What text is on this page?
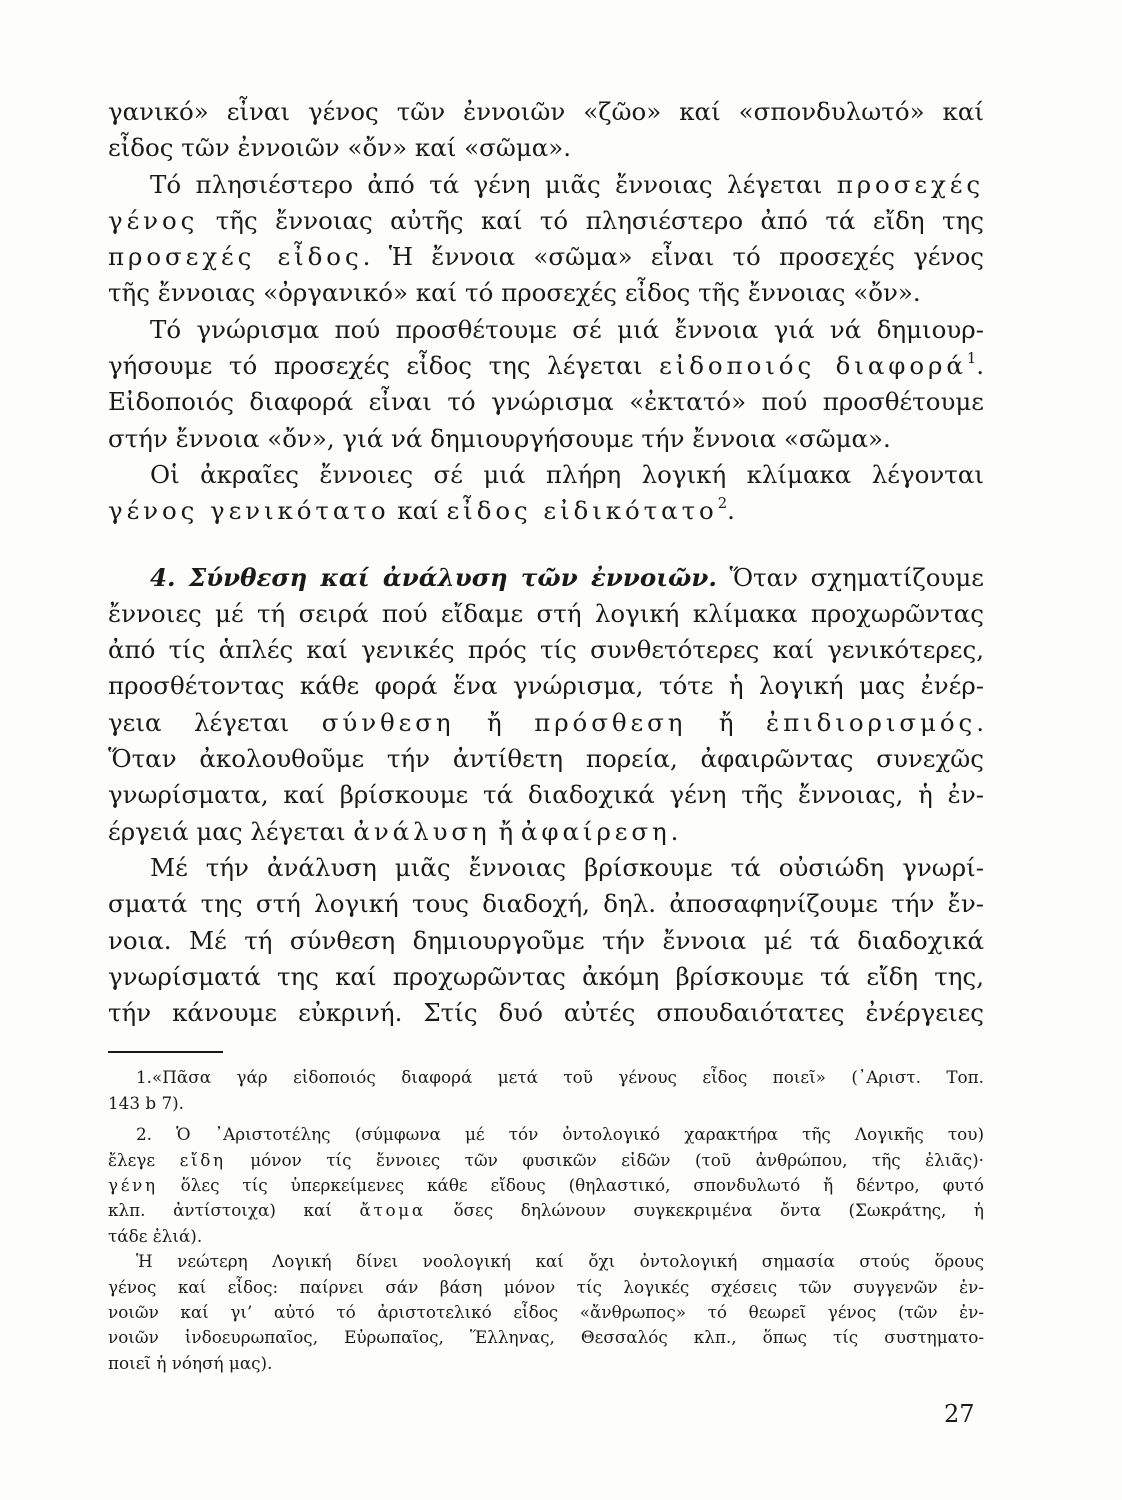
γανικό» εἶναι γένος τῶν ἐννοιῶν «ζῶο» καί «σπονδυλωτό» καί
εἶδος τῶν ἐννοιῶν «ὄν» καί «σῶμα».
Τό πλησιέστερο ἀπό τά γένη μιᾶς ἔννοιας λέγεται προσεχές
γένος τῆς ἔννοιας αὐτῆς καί τό πλησιέστερο ἀπό τά εἴδη της
προσεχές εἶδος. Ἡ ἔννοια «σῶμα» εἶναι τό προσεχές γένος
τῆς ἔννοιας «ὀργανικό» καί τό προσεχές εἶδος τῆς ἔννοιας «ὄν».
Τό γνώρισμα πού προσθέτουμε σέ μιά ἔννοια γιά νά δημιουρ-
γήσουμε τό προσεχές εἶδος της λέγεται εἰδοποιός διαφορά$^1$.
Εἰδοποιός διαφορά εἶναι τό γνώρισμα «ἐκτατό» πού προσθέτουμε
στήν ἔννοια «ὄν», γιά νά δημιουργήσουμε τήν ἔννοια «σῶμα».
Οἱ ἀκραῖες ἔννοιες σέ μιά πλήρη λογική κλίμακα λέγονται
γένος γενικότατο καί εἶδος εἰδικότατο$^2$.
4. Σύνθεση καί ἀνάλυση τῶν ἐννοιῶν. Ὅταν σχηματίζουμε
ἔννοιες μέ τή σειρά πού εἴδαμε στή λογική κλίμακα προχωρῶντας
ἀπό τίς ἁπλές καί γενικές πρός τίς συνθετότερες καί γενικότερες,
προσθέτοντας κάθε φορά ἕνα γνώρισμα, τότε ἡ λογική μας ἐνέρ-
γεια λέγεται σύνθεση ἤ πρόσθεση ἤ ἐπιδιορισμός.
Ὅταν ἀκολουθοῦμε τήν ἀντίθετη πορεία, ἀφαιρῶντας συνεχῶς
γνωρίσματα, καί βρίσκουμε τά διαδοχικά γένη τῆς ἔννοιας, ἡ ἐν-
έργειά μας λέγεται ἀνάλυση ἤ ἀφαίρεση.
Μέ τήν ἀνάλυση μιᾶς ἔννοιας βρίσκουμε τά οὐσιώδη γνωρί-
σματά της στή λογική τους διαδοχή, δηλ. ἀποσαφηνίζουμε τήν ἔν-
νοια. Μέ τή σύνθεση δημιουργοῦμε τήν ἔννοια μέ τά διαδοχικά
γνωρίσματά της καί προχωρῶντας ἀκόμη βρίσκουμε τά εἴδη της,
τήν κάνουμε εὐκρινή. Στίς δυό αὐτές σπουδαιότατες ἐνέργειες
1.«Πᾶσα γάρ εἰδοποιός διαφορά μετά τοῦ γένους εἶδος ποιεῖ» (᾿Αριστ. Τοπ.
143 b 7).
2. Ὁ ᾿Αριστοτέλης (σύμφωνα μέ τόν ὀντολογικό χαρακτήρα τῆς Λογικῆς του)
ἔλεγε εἴδη μόνον τίς ἔννοιες τῶν φυσικῶν εἰδῶν (τοῦ ἀνθρώπου, τῆς ἐλιᾶς)·
γένη ὅλες τίς ὑπερκείμενες κάθε εἴδους (θηλαστικό, σπονδυλωτό ἤ δέντρο, φυτό
κλπ. ἀντίστοιχα) καί ἄτομα ὅσες δηλώνουν συγκεκριμένα ὄντα (Σωκράτης, ἡ
τάδε ἐλιά).
Ἡ νεώτερη Λογική δίνει νοολογική καί ὄχι ὀντολογική σημασία στούς ὅρους
γένος καί εἶδος: παίρνει σάν βάση μόνον τίς λογικές σχέσεις τῶν συγγενῶν ἐν-
νοιῶν καί γι’ αὐτό τό ἀριστοτελικό εἶδος «ἄνθρωπος» τό θεωρεῖ γένος (τῶν ἐν-
νοιῶν ἰνδοευρωπαῖος, Εὐρωπαῖος, Ἕλληνας, Θεσσαλός κλπ., ὅπως τίς συστηματο-
ποιεῖ ἡ νόησή μας).
27
